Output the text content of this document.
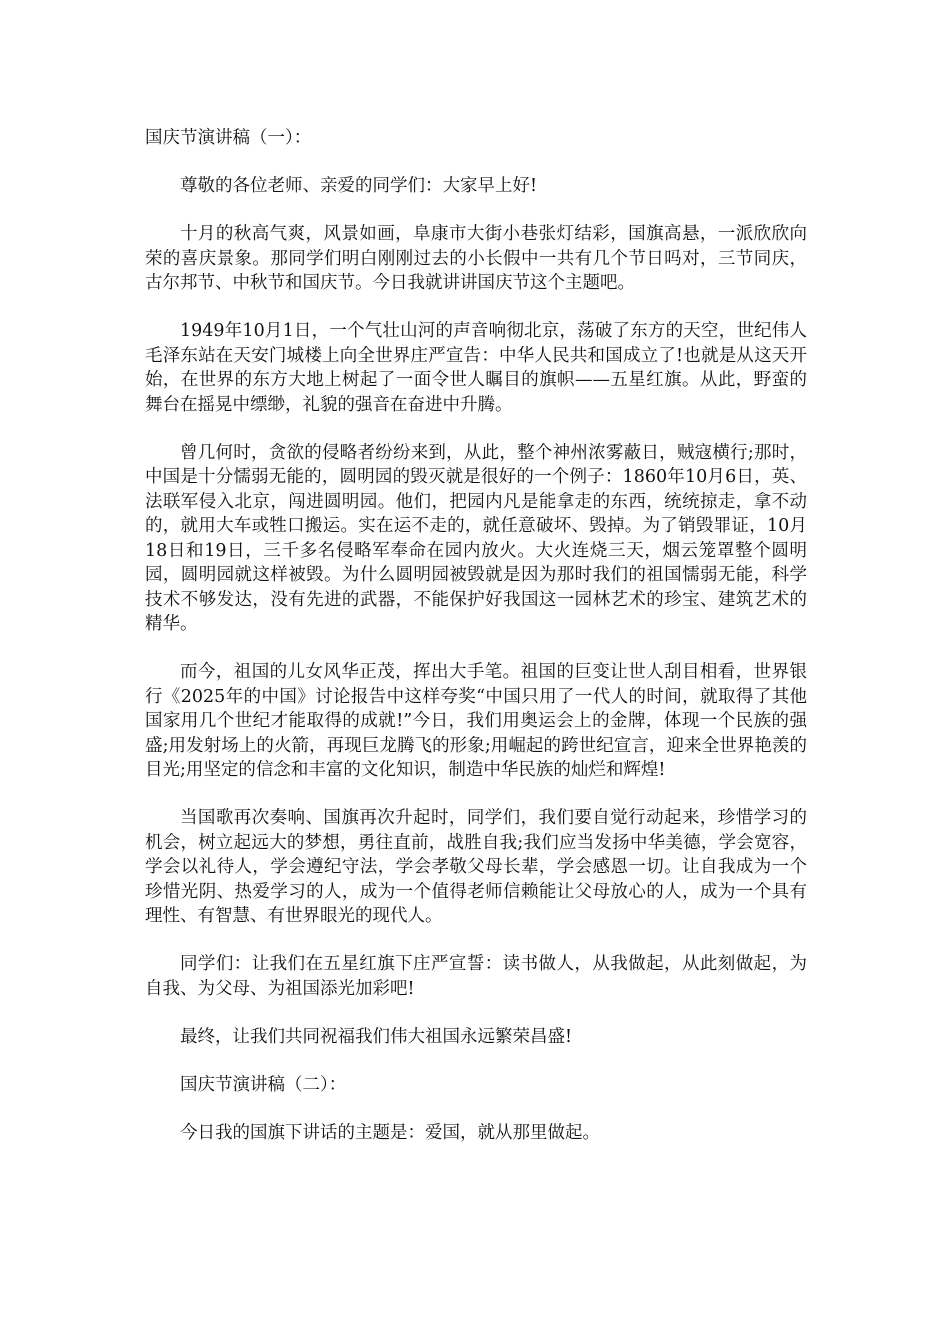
国庆节演讲稿（一）：

尊敬的各位老师、亲爱的同学们：大家早上好!

十月的秋高气爽，风景如画，阜康市大街小巷张灯结彩，国旗高悬，一派欣欣向荣的喜庆景象。那同学们明白刚刚过去的小长假中一共有几个节日吗对，三节同庆，古尔邦节、中秋节和国庆节。今日我就讲讲国庆节这个主题吧。

1949年10月1日，一个气壮山河的声音响彻北京，荡破了东方的天空，世纪伟人毛泽东站在天安门城楼上向全世界庄严宣告：中华人民共和国成立了!也就是从这天开始，在世界的东方大地上树起了一面令世人瞩目的旗帜——五星红旗。从此，野蛮的舞台在摇晃中缥缈，礼貌的强音在奋进中升腾。

曾几何时，贪欲的侵略者纷纷来到，从此，整个神州浓雾蔽日，贼寇横行;那时，中国是十分懦弱无能的，圆明园的毁灭就是很好的一个例子：1860年10月6日，英、法联军侵入北京，闯进圆明园。他们，把园内凡是能拿走的东西，统统掠走，拿不动的，就用大车或牲口搬运。实在运不走的，就任意破坏、毁掉。为了销毁罪证，10月18日和19日，三千多名侵略军奉命在园内放火。大火连烧三天，烟云笼罩整个圆明园，圆明园就这样被毁。为什么圆明园被毁就是因为那时我们的祖国懦弱无能，科学技术不够发达，没有先进的武器，不能保护好我国这一园林艺术的珍宝、建筑艺术的精华。

而今，祖国的儿女风华正茂，挥出大手笔。祖国的巨变让世人刮目相看，世界银行《2025年的中国》讨论报告中这样夸奖“中国只用了一代人的时间，就取得了其他国家用几个世纪才能取得的成就!”今日，我们用奥运会上的金牌，体现一个民族的强盛;用发射场上的火箭，再现巨龙腾飞的形象;用崛起的跨世纪宣言，迎来全世界艳羡的目光;用坚定的信念和丰富的文化知识，制造中华民族的灿烂和辉煌!

当国歌再次奏响、国旗再次升起时，同学们，我们要自觉行动起来，珍惜学习的机会，树立起远大的梦想，勇往直前，战胜自我;我们应当发扬中华美德，学会宽容，学会以礼待人，学会遵纪守法，学会孝敬父母长辈，学会感恩一切。让自我成为一个珍惜光阴、热爱学习的人，成为一个值得老师信赖能让父母放心的人，成为一个具有理性、有智慧、有世界眼光的现代人。

同学们：让我们在五星红旗下庄严宣誓：读书做人，从我做起，从此刻做起，为自我、为父母、为祖国添光加彩吧!

最终，让我们共同祝福我们伟大祖国永远繁荣昌盛!

国庆节演讲稿（二）：

今日我的国旗下讲话的主题是：爱国，就从那里做起。
